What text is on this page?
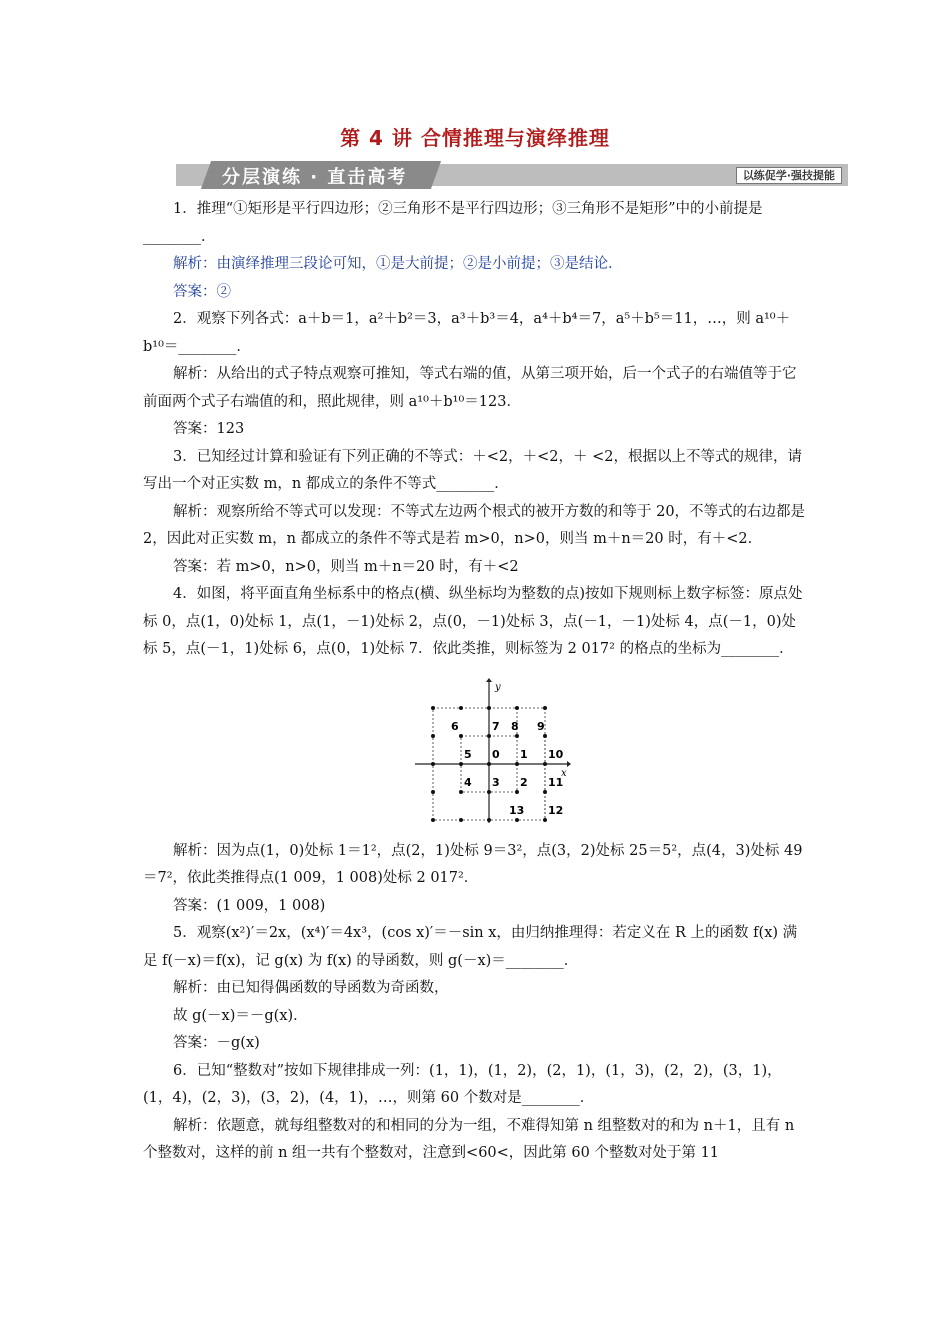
第 4 讲 合情推理与演绎推理
分层演练 · 直击高考	以练促学·强技提能

1．推理“①矩形是平行四边形；②三角形不是平行四边形；③三角形不是矩形”中的小前提是________．

解析：由演绎推理三段论可知，①是大前提；②是小前提；③是结论．

答案：②

2．观察下列各式：a＋b＝1，a²＋b²＝3，a³＋b³＝4，a⁴＋b⁴＝7，a⁵＋b⁵＝11，…，则 a¹⁰＋b¹⁰＝________．

解析：从给出的式子特点观察可推知，等式右端的值，从第三项开始，后一个式子的右端值等于它前面两个式子右端值的和，照此规律，则 a¹⁰＋b¹⁰＝123．

答案：123

3．已知经过计算和验证有下列正确的不等式：＋<2，＋<2，＋ <2，根据以上不等式的规律，请写出一个对正实数 m，n 都成立的条件不等式________．

解析：观察所给不等式可以发现：不等式左边两个根式的被开方数的和等于 20，不等式的右边都是 2，因此对正实数 m，n 都成立的条件不等式是若 m>0，n>0，则当 m＋n＝20 时，有＋<2．

答案：若 m>0，n>0，则当 m＋n＝20 时，有＋<2

4．如图，将平面直角坐标系中的格点(横、纵坐标均为整数的点)按如下规则标上数字标签：原点处标 0，点(1，0)处标 1，点(1，－1)处标 2，点(0，－1)处标 3，点(－1，－1)处标 4，点(－1，0)处标 5，点(－1，1)处标 6，点(0，1)处标 7．依此类推，则标签为 2 017² 的格点的坐标为________．

y
x
0 1
2
3
4
5
6	7 8 9
10
11
12
13

解析：因为点(1，0)处标 1＝1²，点(2，1)处标 9＝3²，点(3，2)处标 25＝5²，点(4，3)处标 49＝7²，依此类推得点(1 009，1 008)处标 2 017²．

答案：(1 009，1 008)

5．观察(x²)′＝2x，(x⁴)′＝4x³，(cos x)′＝－sin x，由归纳推理得：若定义在 R 上的函数 f(x) 满足 f(－x)＝f(x)，记 g(x) 为 f(x) 的导函数，则 g(－x)＝________．

解析：由已知得偶函数的导函数为奇函数，

故 g(－x)＝－g(x)．

答案：－g(x)

6．已知“整数对”按如下规律排成一列：(1，1)，(1，2)，(2，1)，(1，3)，(2，2)，(3，1)，(1，4)，(2，3)，(3，2)，(4，1)，…，则第 60 个数对是________．

解析：依题意，就每组整数对的和相同的分为一组，不难得知第 n 组整数对的和为 n＋1，且有 n 个整数对，这样的前 n 组一共有个整数对，注意到<60<，因此第 60 个整数对处于第 11
